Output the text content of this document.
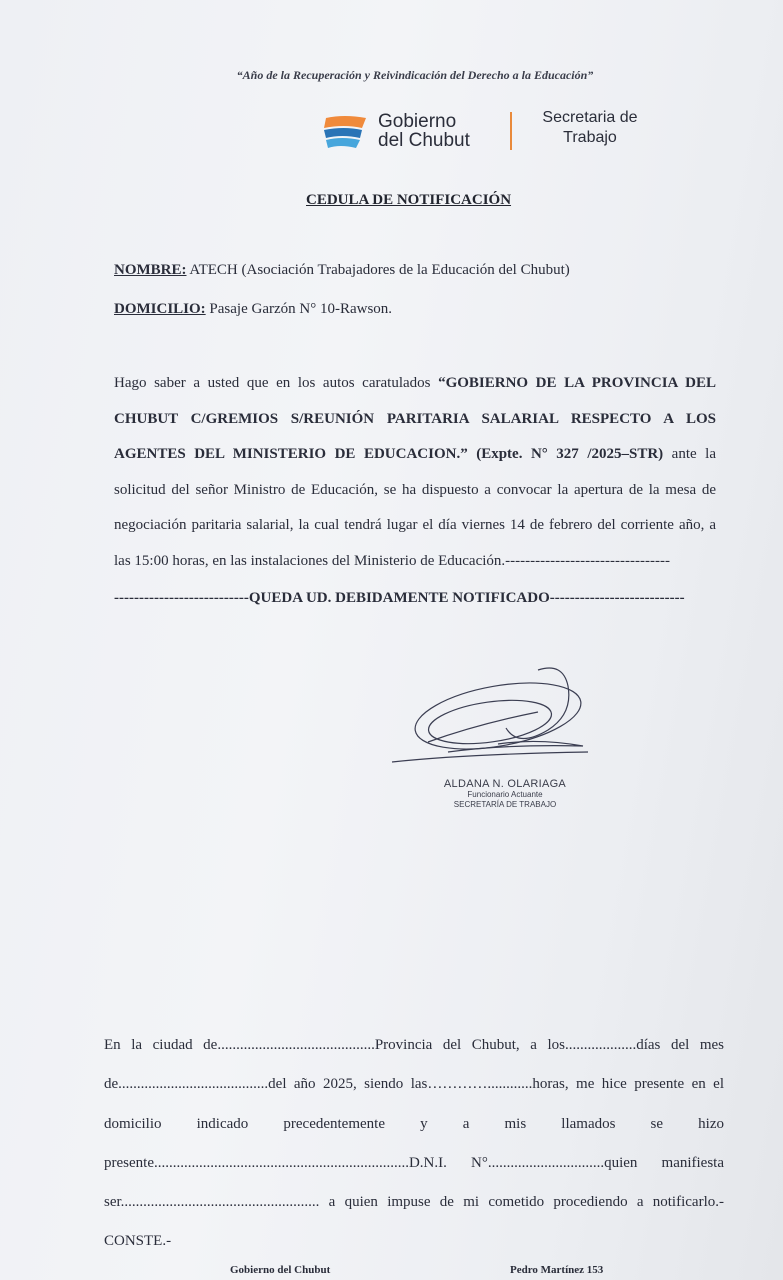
“Año de la Recuperación y Reivindicación del Derecho a la Educación”
Gobierno
del Chubut
Secretaria de
Trabajo
CEDULA DE NOTIFICACIÓN
NOMBRE: ATECH (Asociación Trabajadores de la Educación del Chubut)
DOMICILIO: Pasaje Garzón N° 10-Rawson.
Hago saber a usted que en los autos caratulados “GOBIERNO DE LA PROVINCIA DEL CHUBUT C/GREMIOS S/REUNIÓN PARITARIA SALARIAL RESPECTO A LOS AGENTES DEL MINISTERIO DE EDUCACION.” (Expte. N° 327 /2025–STR) ante la solicitud del señor Ministro de Educación, se ha dispuesto a convocar la apertura de la mesa de negociación paritaria salarial, la cual tendrá lugar el día viernes 14 de febrero del corriente año, a las 15:00 horas, en las instalaciones del Ministerio de Educación.---------------------------------
---------------------------QUEDA UD. DEBIDAMENTE NOTIFICADO---------------------------
ALDANA N. OLARIAGA
Funcionario Actuante
SECRETARÍA DE TRABAJO
En la ciudad de..........................................Provincia del Chubut, a los...................días del mes de........................................del año 2025, siendo las…………............horas, me hice presente en el domicilio indicado precedentemente y a mis llamados se hizo presente....................................................................D.N.I. N°...............................quien manifiesta ser..................................................... a quien impuse de mi cometido procediendo a notificarlo.- CONSTE.-
Gobierno del Chubut	Pedro Martínez 153
